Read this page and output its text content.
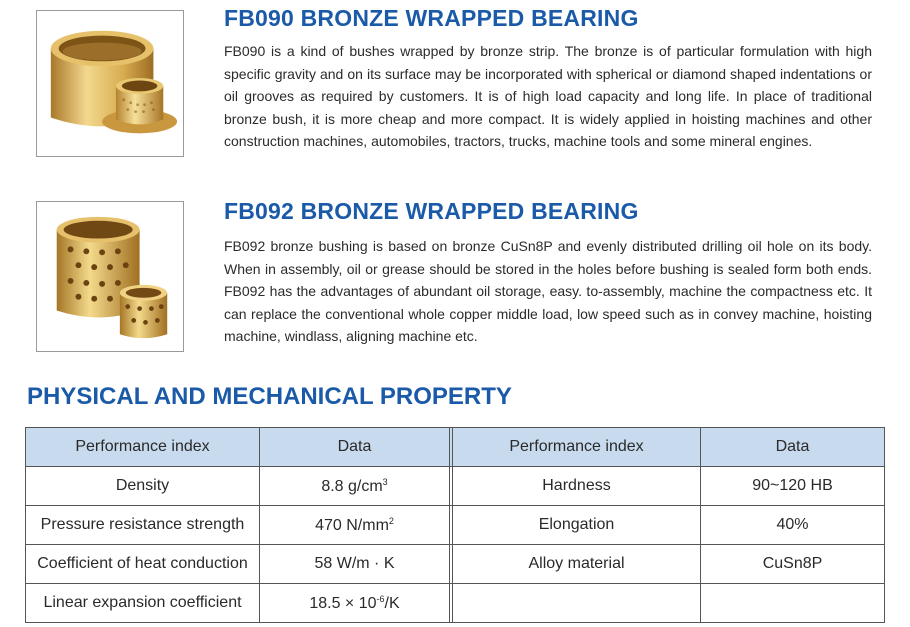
FB090 BRONZE WRAPPED BEARING

FB090 is a kind of bushes wrapped by bronze strip. The bronze is of particular formulation with high specific gravity and on its surface may be incorporated with spherical or diamond shaped indentations or oil grooves as required by customers. It is of high load capacity and long life. In place of traditional bronze bush, it is more cheap and more compact. It is widely applied in hoisting machines and other construction machines, automobiles, tractors, trucks, machine tools and some mineral engines.

FB092 BRONZE WRAPPED BEARING

FB092 bronze bushing is based on bronze CuSn8P and evenly distributed drilling oil hole on its body. When in assembly, oil or grease should be stored in the holes before bushing is sealed form both ends. FB092 has the advantages of abundant oil storage, easy. to-assembly, machine the compactness etc. It can replace the conventional whole copper middle load, low speed such as in convey machine, hoisting machine, windlass, aligning machine etc.

PHYSICAL AND MECHANICAL PROPERTY
Performance index	Data		Performance index	Data
Density	8.8 $g/cm^3$		Hardness	90~120 HB
Pressure resistance strength	470 $N/mm^2$		Elongation	40%
Coefficient of heat conduction	58 W/m · K		Alloy material	CuSn8P
Linear expansion coefficient	$18.5 \times 10^{-6}/K$			
